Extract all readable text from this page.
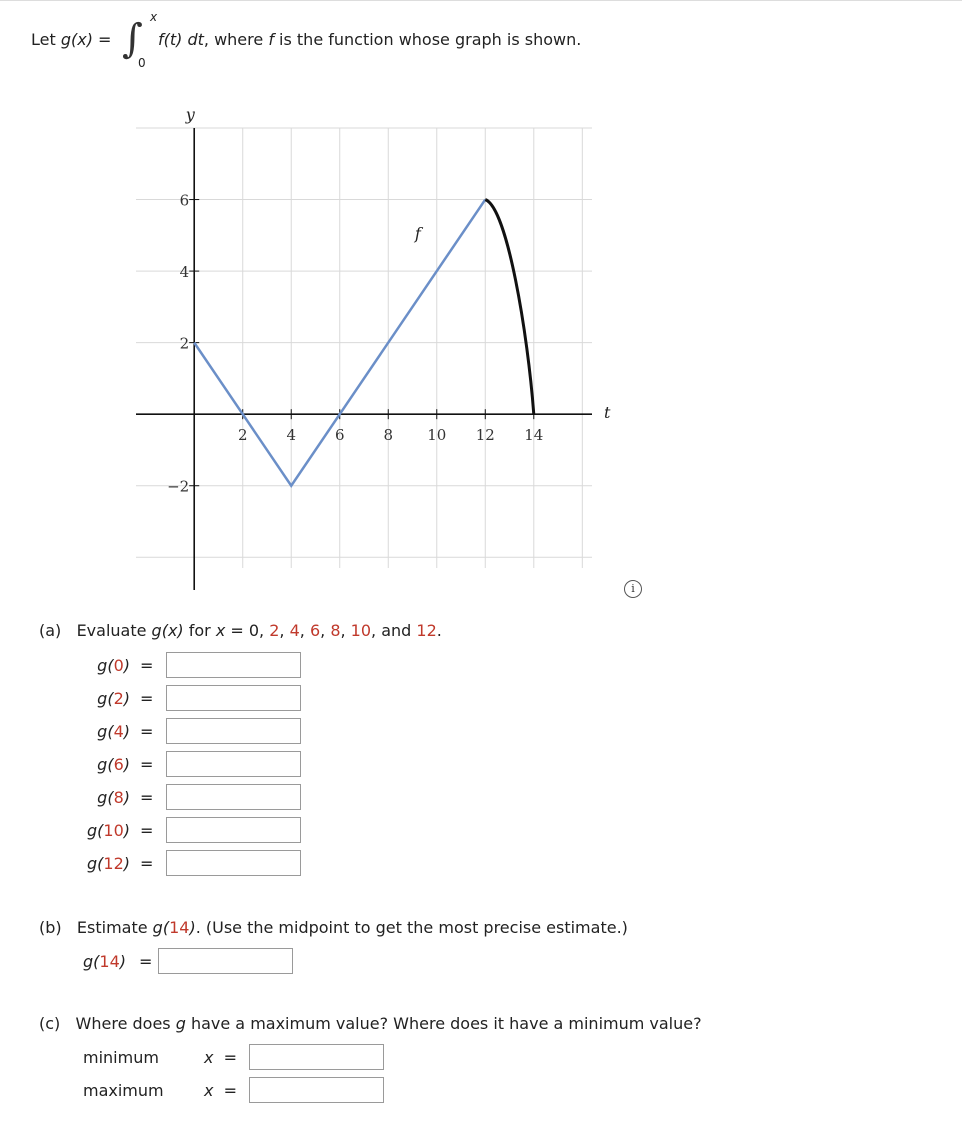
Let g(x) = ∫ x
0
f(t) dt, where f is the function whose graph is shown.
2	4	6	8 10 12 14
6
4
2
−2
y
t
f
i
(a) Evaluate g(x) for x = 0, 2, 4, 6, 8, 10, and 12.
g(0) =
g(2) =
g(4) =
g(6) =
g(8) =
g(10) =
g(12) =
(b) Estimate g(14). (Use the midpoint to get the most precise estimate.)
g(14) =
(c) Where does g have a maximum value? Where does it have a minimum value?
minimum	x =
maximum	x =
